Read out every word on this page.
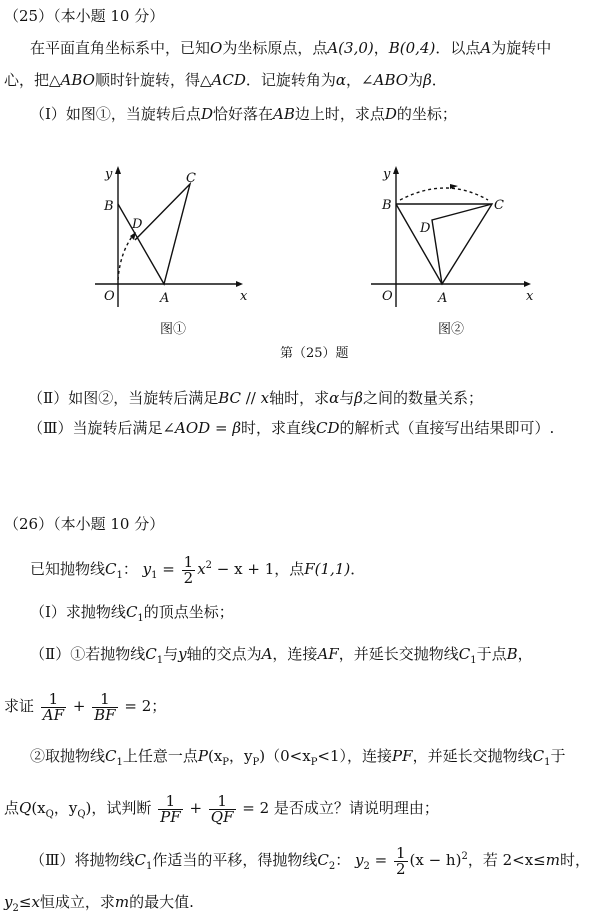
（25）（本小题 10 分）
在平面直角坐标系中，已知O为坐标原点，点A(3,0)，B(0,4)．以点A为旋转中
心，把△ABO顺时针旋转，得△ACD．记旋转角为α，∠ABO为β．
（Ⅰ）如图①，当旋转后点D恰好落在AB边上时，求点D的坐标；
y
x
O	A
B
C
D
y
x
O	A
B	C
D
图①	图②
第（25）题
（Ⅱ）如图②，当旋转后满足BC // x轴时，求α与β之间的数量关系；
（Ⅲ）当旋转后满足∠AOD = β时，求直线CD的解析式（直接写出结果即可）.
（26）（本小题 10 分）
已知抛物线$C_1$： $y_1 = \frac{1}{2} x^2 - x + 1$，点F(1,1)．
（Ⅰ）求抛物线$C_1$的顶点坐标；
（Ⅱ）①若抛物线$C_1$与y轴的交点为A，连接AF，并延长交抛物线$C_1$于点B，
求证 $\frac{1}{AF} + \frac{1}{BF} = 2$；
②取抛物线$C_1$上任意一点$P(x_P$，$y_P)(0<x_P<1)$，连接PF，并延长交抛物线$C_1$于
点$Q(x_Q$，$y_Q$)，试判断 $\frac{1}{PF} + \frac{1}{QF} = 2$ 是否成立？请说明理由；
（Ⅲ）将抛物线$C_1$作适当的平移，得抛物线$C_2$： $y_2 = \frac{1}{2} (x - h)^2$，若 2<x≤m时，
$y_2\le x$恒成立，求m的最大值.
